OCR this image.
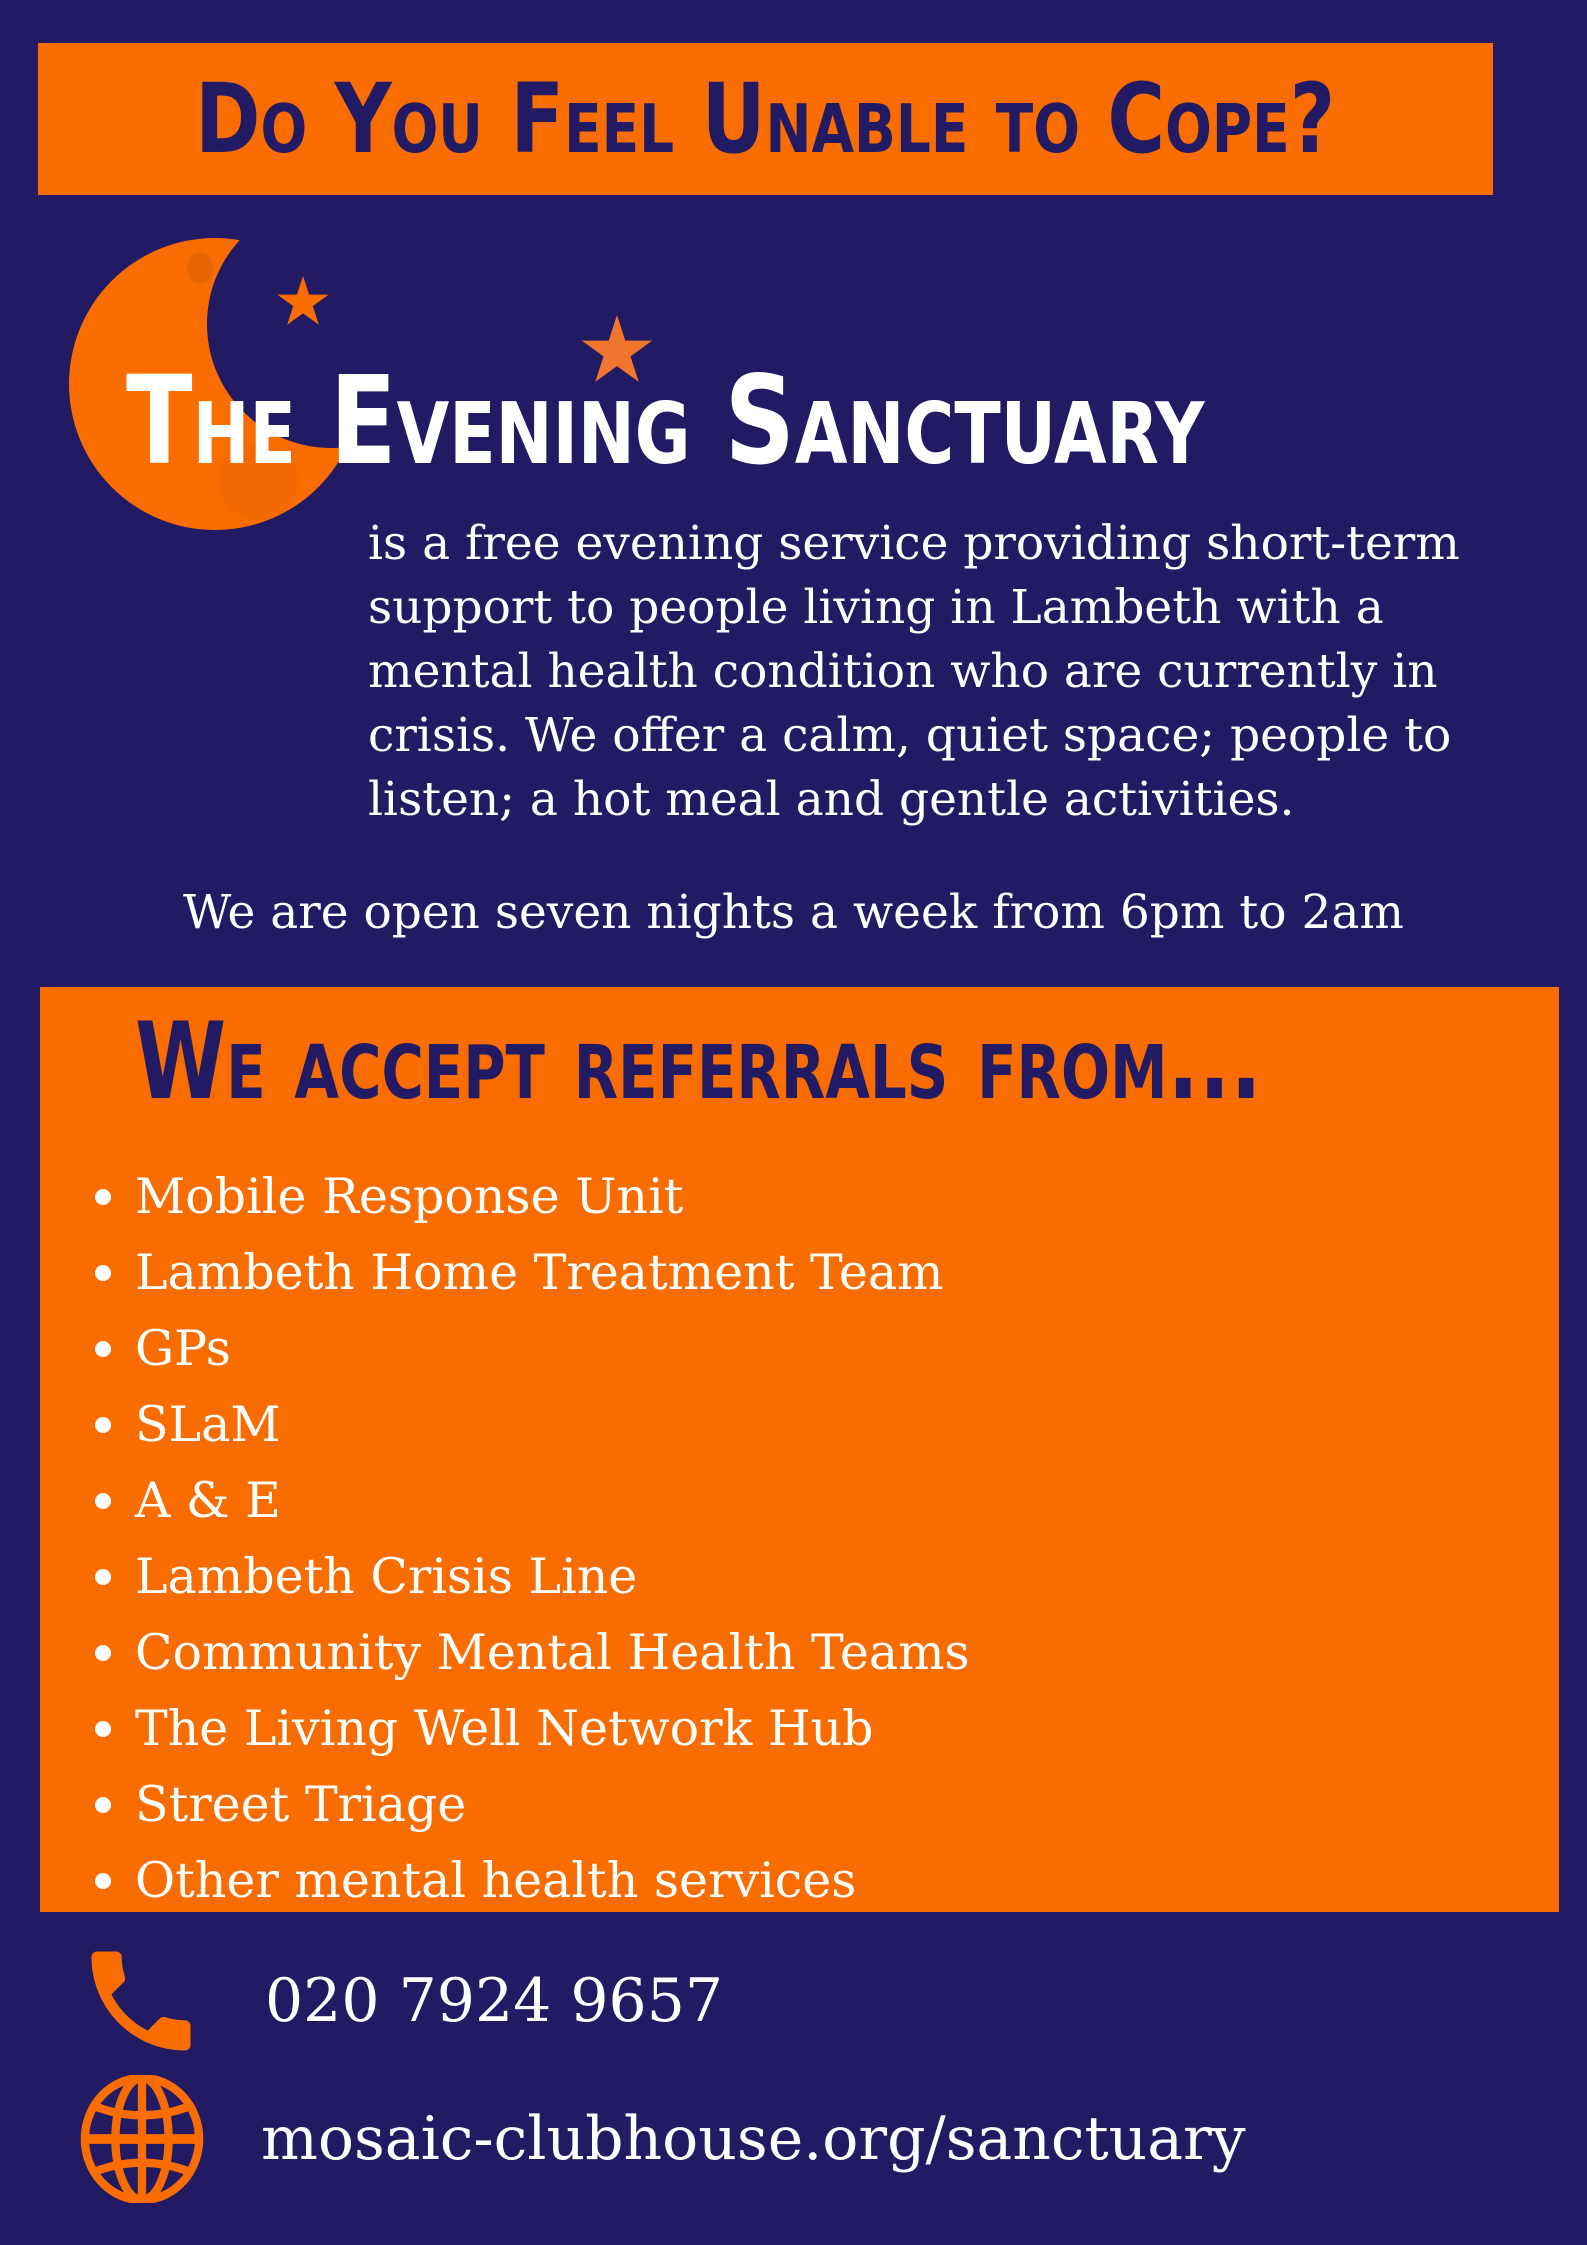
Do You Feel Unable to Cope?
The Evening Sanctuary
is a free evening service providing short-term
support to people living in Lambeth with a
mental health condition who are currently in
crisis. We offer a calm, quiet space; people to
listen; a hot meal and gentle activities.

We are open seven nights a week from 6pm to 2am

We accept referrals from...
Mobile Response Unit
Lambeth Home Treatment Team
GPs
SLaM
A & E
Lambeth Crisis Line
Community Mental Health Teams
The Living Well Network Hub
Street Triage
Other mental health services
020 7924 9657
mosaic-clubhouse.org/sanctuary
